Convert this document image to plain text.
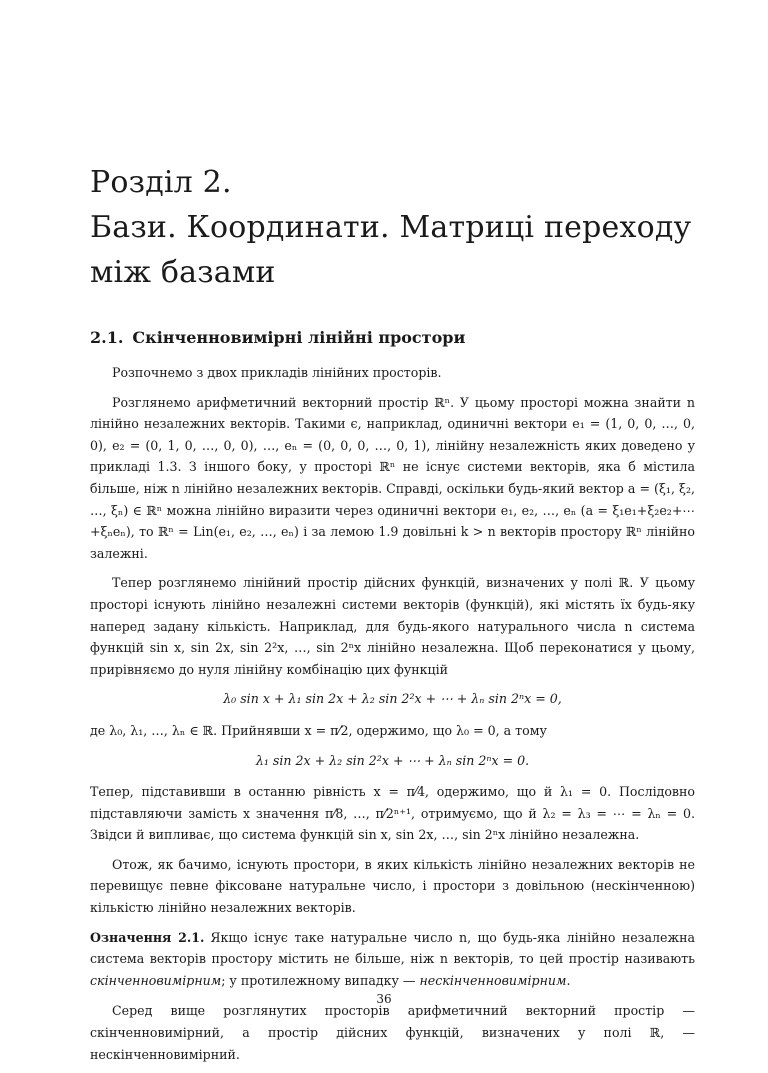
Розділ 2.
Бази. Координати. Матриці переходу
між базами
2.1. Скінченновимірні лінійні простори

Розпочнемо з двох прикладів лінійних просторів.

Розглянемо арифметичний векторний простір ℝⁿ. У цьому просторі можна знайти n лінійно незалежних векторів. Такими є, наприклад, одиничні вектори e₁ = (1, 0, 0, …, 0, 0), e₂ = (0, 1, 0, …, 0, 0), …, eₙ = (0, 0, 0, …, 0, 1), лінійну незалежність яких доведено у прикладі 1.3. З іншого боку, у просторі ℝⁿ не існує системи векторів, яка б містила більше, ніж n лінійно незалежних векторів. Справді, оскільки будь-який вектор a = (ξ₁, ξ₂, …, ξₙ) ∈ ℝⁿ можна лінійно виразити через одиничні вектори e₁, e₂, …, eₙ (a = ξ₁e₁+ξ₂e₂+⋯+ξₙeₙ), то ℝⁿ = Lin(e₁, e₂, …, eₙ) і за лемою 1.9 довільні k > n векторів простору ℝⁿ лінійно залежні.

Тепер розглянемо лінійний простір дійсних функцій, визначених у полі ℝ. У цьому просторі існують лінійно незалежні системи векторів (функцій), які містять їх будь-яку наперед задану кількість. Наприклад, для будь-якого натурального числа n система функцій sin x, sin 2x, sin 2²x, …, sin 2ⁿx лінійно незалежна. Щоб переконатися у цьому, прирівняємо до нуля лінійну комбінацію цих функцій

λ₀ sin x + λ₁ sin 2x + λ₂ sin 2²x + ⋯ + λₙ sin 2ⁿx = 0,

де λ₀, λ₁, …, λₙ ∈ ℝ. Прийнявши x = π⁄2, одержимо, що λ₀ = 0, а тому

λ₁ sin 2x + λ₂ sin 2²x + ⋯ + λₙ sin 2ⁿx = 0.

Тепер, підставивши в останню рівність x = π⁄4, одержимо, що й λ₁ = 0. Послідовно підставляючи замість x значення π⁄8, …, π⁄2ⁿ⁺¹, отримуємо, що й λ₂ = λ₃ = ⋯ = λₙ = 0. Звідси й випливає, що система функцій sin x, sin 2x, …, sin 2ⁿx лінійно незалежна.

Отож, як бачимо, існують простори, в яких кількість лінійно незалежних векторів не перевищує певне фіксоване натуральне число, і простори з довільною (нескінченною) кількістю лінійно незалежних векторів.

Означення 2.1. Якщо існує таке натуральне число n, що будь-яка лінійно незалежна система векторів простору містить не більше, ніж n векторів, то цей простір називають скінченновимірним; у протилежному випадку — нескінченновимірним.

Серед вище розглянутих просторів арифметичний векторний простір — скінченновимірний, а простір дійсних функцій, визначених у полі ℝ, — нескінченновимірний.

36
